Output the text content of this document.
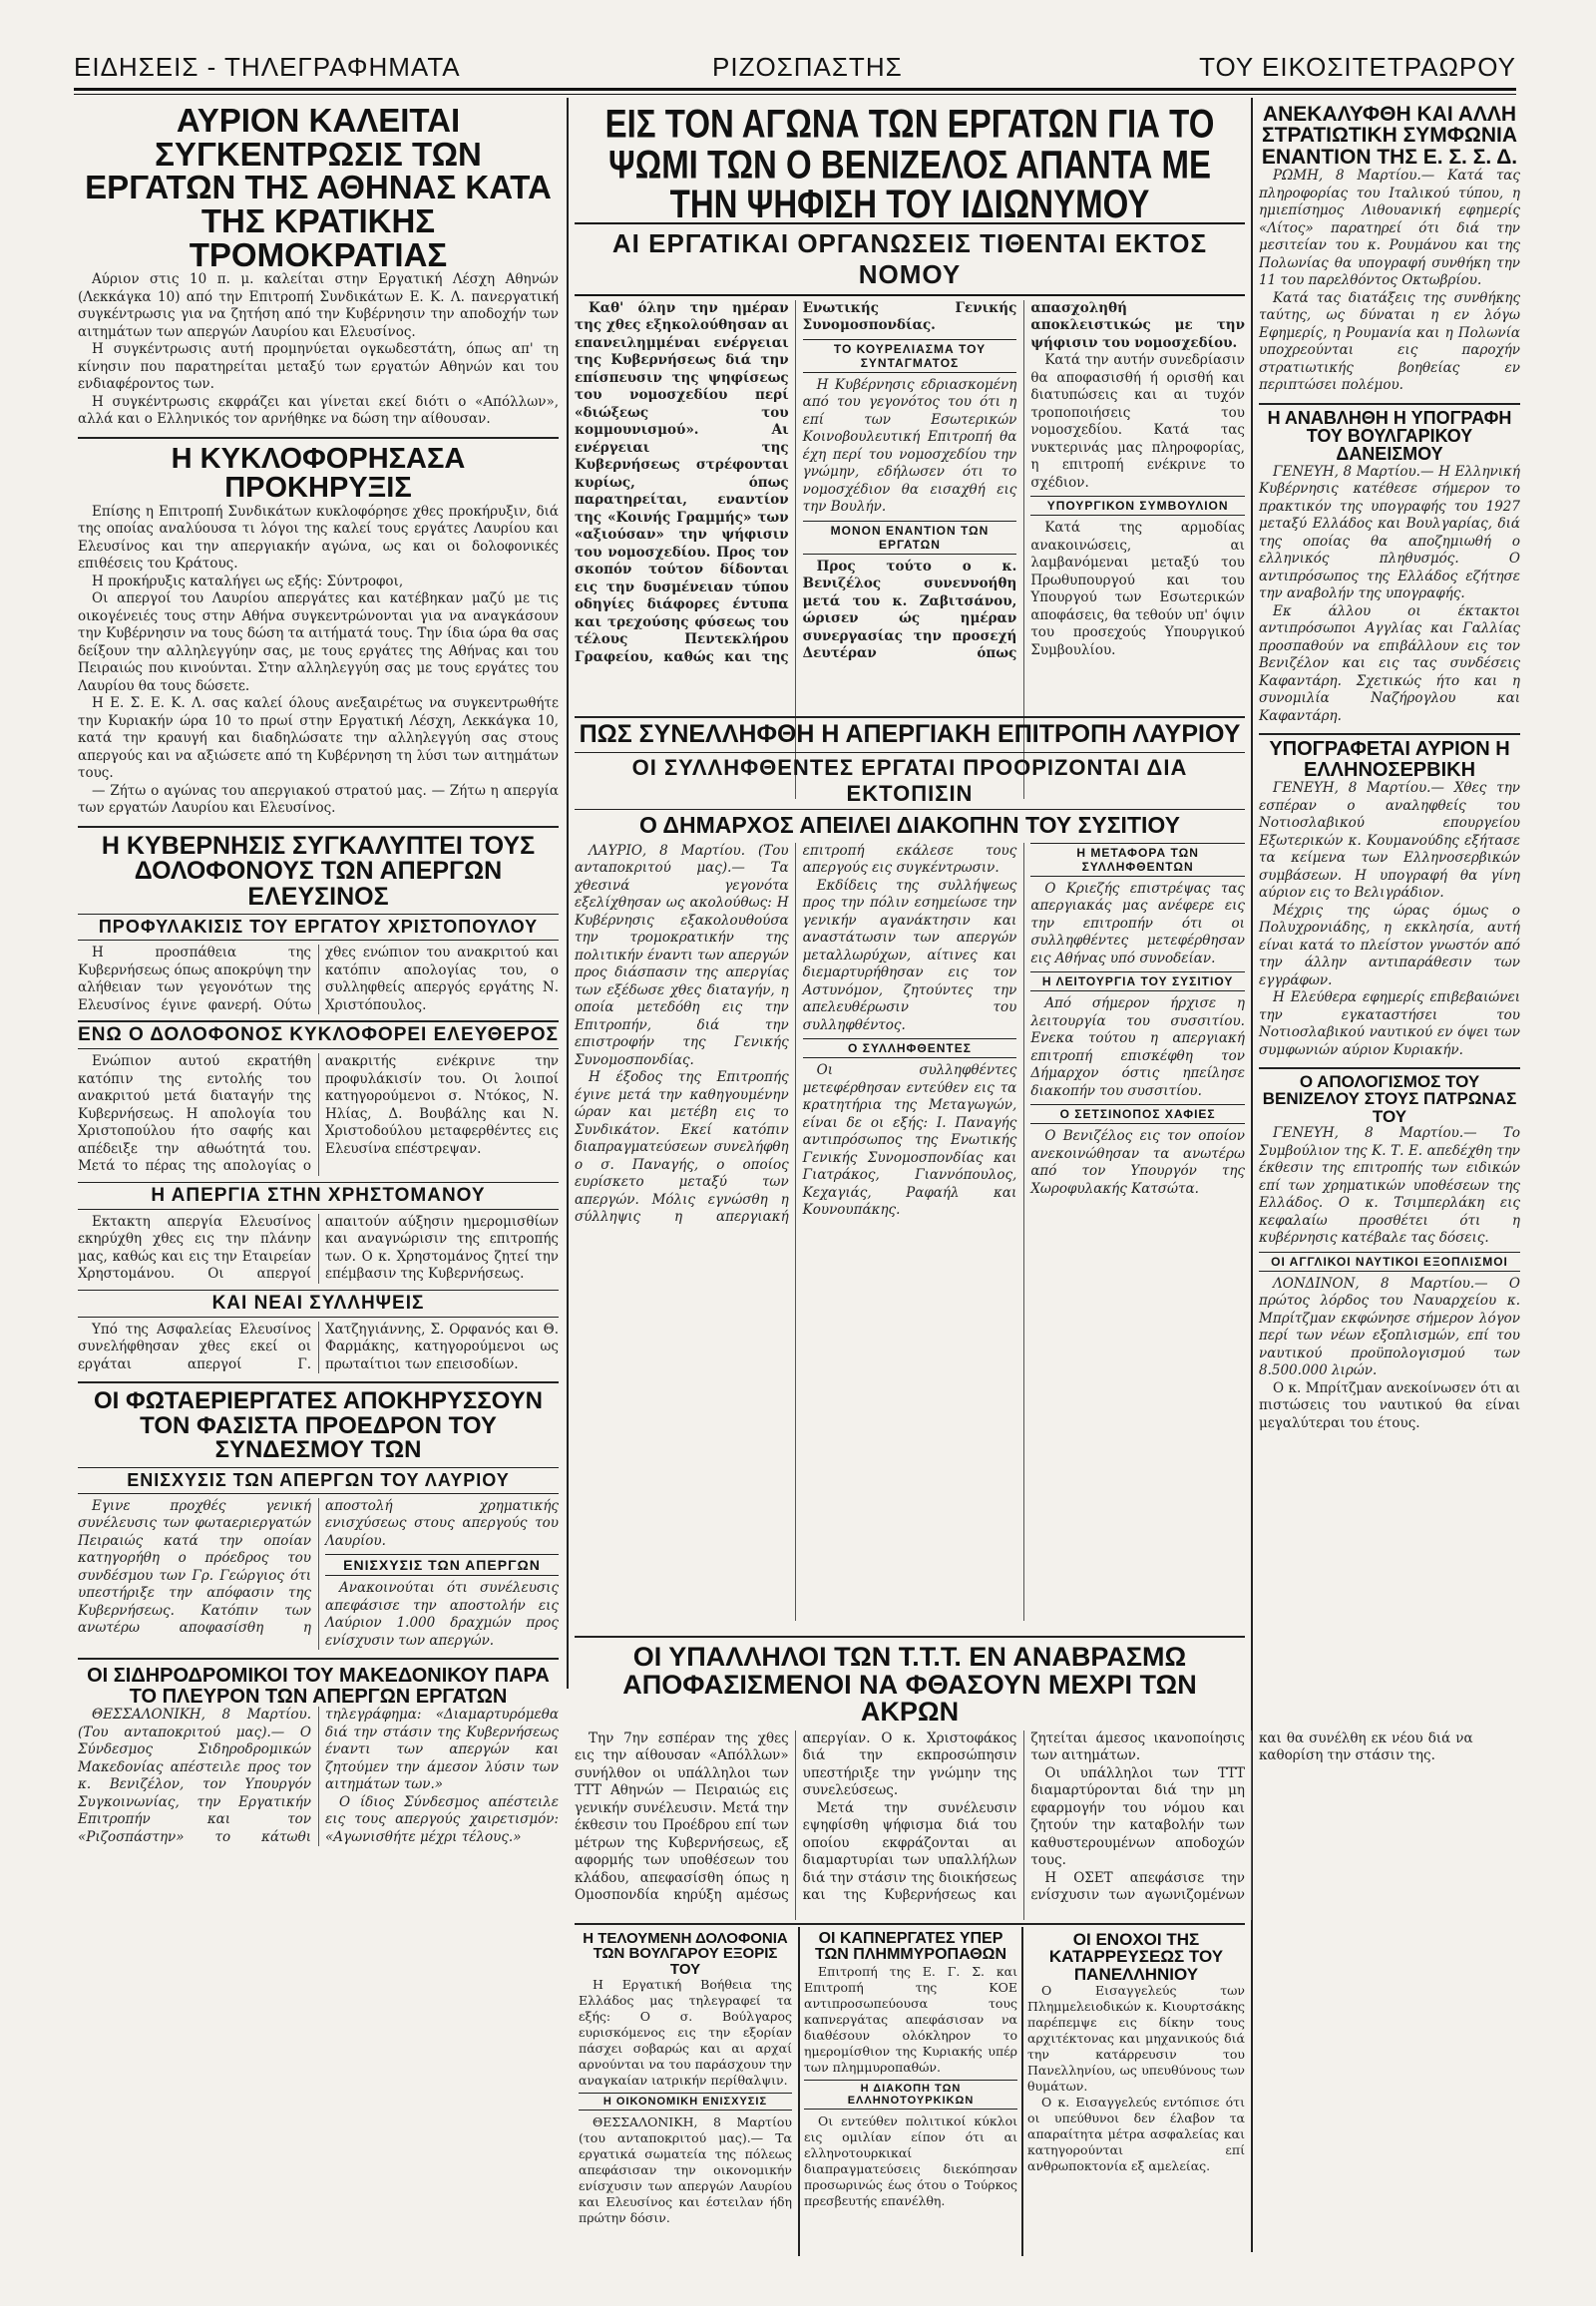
ΕΙΔΗΣΕΙΣ - ΤΗΛΕΓΡΑΦΗΜΑΤΑ	ΡΙΖΟΣΠΑΣΤΗΣ	ΤΟΥ ΕΙΚΟΣΙΤΕΤΡΑΩΡΟΥ
ΑΥΡΙΟΝ ΚΑΛΕΙΤΑΙ ΣΥΓΚΕΝΤΡΩΣΙΣ ΤΩΝ ΕΡΓΑΤΩΝ ΤΗΣ ΑΘΗΝΑΣ ΚΑΤΑ ΤΗΣ ΚΡΑΤΙΚΗΣ ΤΡΟΜΟΚΡΑΤΙΑΣ

Αύριον στις 10 π. μ. καλείται στην Εργατική Λέσχη Αθηνών (Λεκκάγκα 10) από την Επιτροπή Συνδικάτων Ε. Κ. Λ. πανεργατική συγκέντρωσις για να ζητήση από την Κυβέρνησιν την αποδοχήν των αιτημάτων των απεργών Λαυρίου και Ελευσίνος.

Η συγκέντρωσις αυτή προμηνύεται ογκωδεστάτη, όπως απ' τη κίνησιν που παρατηρείται μεταξύ των εργατών Αθηνών και του ενδιαφέροντος των.

Η συγκέντρωσις εκφράζει και γίνεται εκεί διότι ο «Απόλλων», αλλά και ο Ελληνικός τον αρνήθηκε να δώση την αίθουσαν.

Η ΚΥΚΛΟΦΟΡΗΣΑΣΑ ΠΡΟΚΗΡΥΞΙΣ

Επίσης η Επιτροπή Συνδικάτων κυκλοφόρησε χθες προκήρυξιν, διά της οποίας αναλύουσα τι λόγοι της καλεί τους εργάτες Λαυρίου και Ελευσίνος και την απεργιακήν αγώνα, ως και οι δολοφονικές επιθέσεις του Κράτους.

Η προκήρυξις καταλήγει ως εξής: Σύντροφοι,

Οι απεργοί του Λαυρίου απεργάτες και κατέβηκαν μαζύ με τις οικογένειές τους στην Αθήνα συγκεντρώνονται για να αναγκάσουν την Κυβέρνησιν να τους δώση τα αιτήματά τους. Την ίδια ώρα θα σας δείξουν την αλληλεγγύην σας, με τους εργάτες της Αθήνας και του Πειραιώς που κινούνται. Στην αλληλεγγύη σας με τους εργάτες του Λαυρίου θα τους δώσετε.

Η Ε. Σ. Ε. Κ. Λ. σας καλεί όλους ανεξαιρέτως να συγκεντρωθήτε την Κυριακήν ώρα 10 το πρωί στην Εργατική Λέσχη, Λεκκάγκα 10, κατά την κραυγή και διαδηλώσατε την αλληλεγγύη σας στους απεργούς και να αξιώσετε από τη Κυβέρνηση τη λύσι των αιτημάτων τους.

— Ζήτω ο αγώνας του απεργιακού στρατού μας. — Ζήτω η απεργία των εργατών Λαυρίου και Ελευσίνος.

Η ΚΥΒΕΡΝΗΣΙΣ ΣΥΓΚΑΛΥΠΤΕΙ ΤΟΥΣ ΔΟΛΟΦΟΝΟΥΣ ΤΩΝ ΑΠΕΡΓΩΝ ΕΛΕΥΣΙΝΟΣ
ΠΡΟΦΥΛΑΚΙΣΙΣ ΤΟΥ ΕΡΓΑΤΟΥ ΧΡΙΣΤΟΠΟΥΛΟΥ

Η προσπάθεια της Κυβερνήσεως όπως αποκρύψη την αλήθειαν των γεγονότων της Ελευσίνος έγινε φανερή. Ούτω χθες ενώπιον του ανακριτού και κατόπιν απολογίας του, ο συλληφθείς απεργός εργάτης Ν. Χριστόπουλος.

ΕΝΩ Ο ΔΟΛΟΦΟΝΟΣ ΚΥΚΛΟΦΟΡΕΙ ΕΛΕΥΘΕΡΟΣ

Ενώπιον αυτού εκρατήθη κατόπιν της εντολής του ανακριτού μετά διαταγήν της Κυβερνήσεως. Η απολογία του Χριστοπούλου ήτο σαφής και απέδειξε την αθωότητά του. Μετά το πέρας της απολογίας ο ανακριτής ενέκρινε την προφυλάκισίν του. Οι λοιποί κατηγορούμενοι σ. Ντόκος, Ν. Ηλίας, Δ. Βουβάλης και Ν. Χριστοδούλου μεταφερθέντες εις Ελευσίνα επέστρεψαν.

Η ΑΠΕΡΓΙΑ ΣΤΗΝ ΧΡΗΣΤΟΜΑΝΟΥ

Εκτακτη απεργία Ελευσίνος εκηρύχθη χθες εις την πλάνην μας, καθώς και εις την Εταιρείαν Χρηστομάνου. Οι απεργοί απαιτούν αύξησιν ημερομισθίων και αναγνώρισιν της επιτροπής των. Ο κ. Χρηστομάνος ζητεί την επέμβασιν της Κυβερνήσεως.

ΚΑΙ ΝΕΑΙ ΣΥΛΛΗΨΕΙΣ

Υπό της Ασφαλείας Ελευσίνος συνελήφθησαν χθες εκεί οι εργάται απεργοί Γ. Χατζηγιάννης, Σ. Ορφανός και Θ. Φαρμάκης, κατηγορούμενοι ως πρωταίτιοι των επεισοδίων.

ΟΙ ΦΩΤΑΕΡΙΕΡΓΑΤΕΣ ΑΠΟΚΗΡΥΣΣΟΥΝ ΤΟΝ ΦΑΣΙΣΤΑ ΠΡΟΕΔΡΟΝ ΤΟΥ ΣΥΝΔΕΣΜΟΥ ΤΩΝ
ΕΝΙΣΧΥΣΙΣ ΤΩΝ ΑΠΕΡΓΩΝ ΤΟΥ ΛΑΥΡΙΟΥ

Εγινε προχθές γενική συνέλευσις των φωταεριεργατών Πειραιώς κατά την οποίαν κατηγορήθη ο πρόεδρος του συνδέσμου των Γρ. Γεώργιος ότι υπεστήριξε την απόφασιν της Κυβερνήσεως. Κατόπιν των ανωτέρω αποφασίσθη η αποστολή χρηματικής ενισχύσεως στους απεργούς του Λαυρίου.

ΕΝΙΣΧΥΣΙΣ ΤΩΝ ΑΠΕΡΓΩΝ

Ανακοινούται ότι συνέλευσις απεφάσισε την αποστολήν εις Λαύριον 1.000 δραχμών προς ενίσχυσιν των απεργών.

ΟΙ ΣΙΔΗΡΟΔΡΟΜΙΚΟΙ ΤΟΥ ΜΑΚΕΔΟΝΙΚΟΥ ΠΑΡΑ ΤΟ ΠΛΕΥΡΟΝ ΤΩΝ ΑΠΕΡΓΩΝ ΕΡΓΑΤΩΝ

ΘΕΣΣΑΛΟΝΙΚΗ, 8 Μαρτίου. (Του ανταποκριτού μας).— Ο Σύνδεσμος Σιδηροδρομικών Μακεδονίας απέστειλε προς τον κ. Βενιζέλον, τον Υπουργόν Συγκοινωνίας, την Εργατικήν Επιτροπήν και τον «Ριζοσπάστην» το κάτωθι τηλεγράφημα: «Διαμαρτυρόμεθα διά την στάσιν της Κυβερνήσεως έναντι των απεργών και ζητούμεν την άμεσον λύσιν των αιτημάτων των.»

Ο ίδιος Σύνδεσμος απέστειλε εις τους απεργούς χαιρετισμόν: «Αγωνισθήτε μέχρι τέλους.»

ΕΙΣ ΤΟΝ ΑΓΩΝΑ ΤΩΝ ΕΡΓΑΤΩΝ ΓΙΑ ΤΟ ΨΩΜΙ ΤΩΝ Ο ΒΕΝΙΖΕΛΟΣ ΑΠΑΝΤΑ ΜΕ ΤΗΝ ΨΗΦΙΣΗ ΤΟΥ ΙΔΙΩΝΥΜΟΥ
ΑΙ ΕΡΓΑΤΙΚΑΙ ΟΡΓΑΝΩΣΕΙΣ ΤΙΘΕΝΤΑΙ ΕΚΤΟΣ ΝΟΜΟΥ

Καθ' όλην την ημέραν της χθες εξηκολούθησαν αι επανειλημμέναι ενέργειαι της Κυβερνήσεως διά την επίσπευσιν της ψηφίσεως του νομοσχεδίου περί «διώξεως του κομμουνισμού». Αι ενέργειαι της Κυβερνήσεως στρέφονται κυρίως, όπως παρατηρείται, εναντίον της «Κοινής Γραμμής» των «αξιούσαν» την ψήφισιν του νομοσχεδίου. Προς τον σκοπόν τούτον δίδονται εις την δυσμένειαν τύπου οδηγίες διάφορες έντυπα και τρεχούσης φύσεως του τέλους Πεντεκλήρου Γραφείου, καθώς και της Ενωτικής Γενικής Συνομοσπονδίας.

ΤΟ ΚΟΥΡΕΛΙΑΣΜΑ ΤΟΥ ΣΥΝΤΑΓΜΑΤΟΣ

Η Κυβέρνησις εδριασκομένη από του γεγονότος του ότι η επί των Εσωτερικών Κοινοβουλευτική Επιτροπή θα έχη περί του νομοσχεδίου την γνώμην, εδήλωσεν ότι το νομοσχέδιον θα εισαχθή εις την Βουλήν.

ΜΟΝΟΝ ΕΝΑΝΤΙΟΝ ΤΩΝ ΕΡΓΑΤΩΝ

Προς τούτο ο κ. Βενιζέλος συνεννοήθη μετά του κ. Ζαβιτσάνου, ώρισεν ώς ημέραν συνεργασίας την προσεχή Δευτέραν όπως απασχοληθή αποκλειστικώς με την ψήφισιν του νομοσχεδίου.

Κατά την αυτήν συνεδρίασιν θα αποφασισθή ή ορισθή και διατυπώσεις και αι τυχόν τροποποιήσεις του νομοσχεδίου. Κατά τας νυκτερινάς μας πληροφορίας, η επιτροπή ενέκρινε το σχέδιον.

ΥΠΟΥΡΓΙΚΟΝ ΣΥΜΒΟΥΛΙΟΝ

Κατά της αρμοδίας ανακοινώσεις, αι λαμβανόμεναι μεταξύ του Πρωθυπουργού και του Υπουργού των Εσωτερικών αποφάσεις, θα τεθούν υπ' όψιν του προσεχούς Υπουργικού Συμβουλίου.

ΠΩΣ ΣΥΝΕΛΛΗΦΘΗ Η ΑΠΕΡΓΙΑΚΗ ΕΠΙΤΡΟΠΗ ΛΑΥΡΙΟΥ
ΟΙ ΣΥΛΛΗΦΘΕΝΤΕΣ ΕΡΓΑΤΑΙ ΠΡΟΟΡΙΖΟΝΤΑΙ ΔΙΑ ΕΚΤΟΠΙΣΙΝ
Ο ΔΗΜΑΡΧΟΣ ΑΠΕΙΛΕΙ ΔΙΑΚΟΠΗΝ ΤΟΥ ΣΥΣΙΤΙΟΥ

ΛΑΥΡΙΟ, 8 Μαρτίου. (Του ανταποκριτού μας).— Τα χθεσινά γεγονότα εξελίχθησαν ως ακολούθως: Η Κυβέρνησις εξακολουθούσα την τρομοκρατικήν της πολιτικήν έναντι των απεργών προς διάσπασιν της απεργίας των εξέδωσε χθες διαταγήν, η οποία μετεδόθη εις την Επιτροπήν, διά την επιστροφήν της Γενικής Συνομοσπονδίας.

Η έξοδος της Επιτροπής έγινε μετά την καθηγουμένην ώραν και μετέβη εις το Συνδικάτον. Εκεί κατόπιν διαπραγματεύσεων συνελήφθη ο σ. Παναγής, ο οποίος ευρίσκετο μεταξύ των απεργών. Μόλις εγνώσθη η σύλληψις η απεργιακή επιτροπή εκάλεσε τους απεργούς εις συγκέντρωσιν.

Εκδίδεις της συλλήψεως προς την πόλιν εσημείωσε την γενικήν αγανάκτησιν και αναστάτωσιν των απεργών μεταλλωρύχων, αίτινες και διεμαρτυρήθησαν εις τον Αστυνόμον, ζητούντες την απελευθέρωσιν του συλληφθέντος.

Ο ΣΥΛΛΗΦΘΕΝΤΕΣ

Οι συλληφθέντες μετεφέρθησαν εντεύθεν εις τα κρατητήρια της Μεταγωγών, είναι δε οι εξής: Ι. Παναγής αντιπρόσωπος της Ενωτικής Γενικής Συνομοσπονδίας και Γιατράκος, Γιαννόπουλος, Κεχαγιάς, Ραφαήλ και Κουνουπάκης.

Η ΜΕΤΑΦΟΡΑ ΤΩΝ ΣΥΛΛΗΦΘΕΝΤΩΝ

Ο Κριεζής επιστρέψας τας απεργιακάς μας ανέφερε εις την επιτροπήν ότι οι συλληφθέντες μετεφέρθησαν εις Αθήνας υπό συνοδείαν.

Η ΛΕΙΤΟΥΡΓΙΑ ΤΟΥ ΣΥΣΙΤΙΟΥ

Από σήμερον ήρχισε η λειτουργία του συσσιτίου. Ενεκα τούτου η απεργιακή επιτροπή επισκέφθη τον Δήμαρχον όστις ηπείλησε διακοπήν του συσσιτίου.

Ο ΣΕΤΣΙΝΟΠΟΣ ΧΑΦΙΕΣ

Ο Βενιζέλος εις τον οποίον ανεκοινώθησαν τα ανωτέρω από τον Υπουργόν της Χωροφυλακής Κατσώτα.

ΑΝΕΚΑΛΥΦΘΗ ΚΑΙ ΑΛΛΗ ΣΤΡΑΤΙΩΤΙΚΗ ΣΥΜΦΩΝΙΑ ΕΝΑΝΤΙΟΝ ΤΗΣ Ε. Σ. Σ. Δ.

ΡΩΜΗ, 8 Μαρτίου.— Κατά τας πληροφορίας του Ιταλικού τύπου, η ημιεπίσημος Λιθουανική εφημερίς «Λίτος» παρατηρεί ότι διά την μεσιτείαν του κ. Ρουμάνου και της Πολωνίας θα υπογραφή συνθήκη την 11 του παρελθόντος Οκτωβρίου.

Κατά τας διατάξεις της συνθήκης ταύτης, ως δύναται η εν λόγω Εφημερίς, η Ρουμανία και η Πολωνία υποχρεούνται εις παροχήν στρατιωτικής βοηθείας εν περιπτώσει πολέμου.

Η ΑΝΑΒΛΗΘΗ Η ΥΠΟΓΡΑΦΗ ΤΟΥ ΒΟΥΛΓΑΡΙΚΟΥ ΔΑΝΕΙΣΜΟΥ

ΓΕΝΕΥΗ, 8 Μαρτίου.— Η Ελληνική Κυβέρνησις κατέθεσε σήμερον το πρακτικόν της υπογραφής του 1927 μεταξύ Ελλάδος και Βουλγαρίας, διά της οποίας θα αποζημιωθή ο ελληνικός πληθυσμός. Ο αντιπρόσωπος της Ελλάδος εζήτησε την αναβολήν της υπογραφής.

Εκ άλλου οι έκτακτοι αντιπρόσωποι Αγγλίας και Γαλλίας προσπαθούν να επιβάλλουν εις τον Βενιζέλον και εις τας συνδέσεις Καφαντάρη. Σχετικώς ήτο και η συνομιλία Ναζήρογλου και Καφαντάρη.

ΥΠΟΓΡΑΦΕΤΑΙ ΑΥΡΙΟΝ Η ΕΛΛΗΝΟΣΕΡΒΙΚΗ

ΓΕΝΕΥΗ, 8 Μαρτίου.— Χθες την εσπέραν ο αναληφθείς του Νοτιοσλαβικού επουργείου Εξωτερικών κ. Κουμανούδης εξήτασε τα κείμενα των Ελληνοσερβικών συμβάσεων. Η υπογραφή θα γίνη αύριον εις το Βελιγράδιον.

Μέχρις της ώρας όμως ο Πολυχρονιάδης, η εκκλησία, αυτή είναι κατά το πλείστον γνωστόν από την άλλην αντιπαράθεσιν των εγγράφων.

Η Ελεύθερα εφημερίς επιβεβαιώνει την εγκαταστήσει του Νοτιοσλαβικού ναυτικού εν όψει των συμφωνιών αύριον Κυριακήν.

Ο ΑΠΟΛΟΓΙΣΜΟΣ ΤΟΥ ΒΕΝΙΖΕΛΟΥ ΣΤΟΥΣ ΠΑΤΡΩΝΑΣ ΤΟΥ

ΓΕΝΕΥΗ, 8 Μαρτίου.— Το Συμβούλιον της Κ. Τ. Ε. απεδέχθη την έκθεσιν της επιτροπής των ειδικών επί των χρηματικών υποθέσεων της Ελλάδος. Ο κ. Τσιμπερλάκη εις κεφαλαίω προσθέτει ότι η κυβέρνησις κατέβαλε τας δόσεις.

ΟΙ ΑΓΓΛΙΚΟΙ ΝΑΥΤΙΚΟΙ ΕΞΟΠΛΙΣΜΟΙ

ΛΟΝΔΙΝΟΝ, 8 Μαρτίου.— Ο πρώτος λόρδος του Ναυαρχείου κ. Μπρίτζμαν εκφώνησε σήμερον λόγον περί των νέων εξοπλισμών, επί του ναυτικού προϋπολογισμού των 8.500.000 λιρών.

Ο κ. Μπρίτζμαν ανεκοίνωσεν ότι αι πιστώσεις του ναυτικού θα είναι μεγαλύτεραι του έτους.

ΟΙ ΥΠΑΛΛΗΛΟΙ ΤΩΝ Τ.Τ.Τ. ΕΝ ΑΝΑΒΡΑΣΜΩ ΑΠΟΦΑΣΙΣΜΕΝΟΙ ΝΑ ΦΘΑΣΟΥΝ ΜΕΧΡΙ ΤΩΝ ΑΚΡΩΝ

Την 7ην εσπέραν της χθες εις την αίθουσαν «Απόλλων» συνήλθον οι υπάλληλοι των ΤΤΤ Αθηνών — Πειραιώς εις γενικήν συνέλευσιν. Μετά την έκθεσιν του Προέδρου επί των μέτρων της Κυβερνήσεως, εξ αφορμής των υποθέσεων του κλάδου, απεφασίσθη όπως η Ομοσπονδία κηρύξη αμέσως απεργίαν. Ο κ. Χριστοφάκος διά την εκπροσώπησιν υπεστήριξε την γνώμην της συνελεύσεως.

Μετά την συνέλευσιν εψηφίσθη ψήφισμα διά του οποίου εκφράζονται αι διαμαρτυρίαι των υπαλλήλων διά την στάσιν της διοικήσεως και της Κυβερνήσεως και ζητείται άμεσος ικανοποίησις των αιτημάτων.

Οι υπάλληλοι των ΤΤΤ διαμαρτύρονται διά την μη εφαρμογήν του νόμου και ζητούν την καταβολήν των καθυστερουμένων αποδοχών τους.

Η ΟΣΕΤ απεφάσισε την ενίσχυσιν των αγωνιζομένων και θα συνέλθη εκ νέου διά να καθορίση την στάσιν της.

Η ΤΕΛΟΥΜΕΝΗ ΔΟΛΟΦΟΝΙΑ ΤΩΝ ΒΟΥΛΓΑΡΟΥ ΕΞΟΡΙΣ ΤΟΥ

Η Εργατική Βοήθεια της Ελλάδος μας τηλεγραφεί τα εξής: Ο σ. Βούλγαρος ευρισκόμενος εις την εξορίαν πάσχει σοβαρώς και αι αρχαί αρνούνται να του παράσχουν την αναγκαίαν ιατρικήν περίθαλψιν.

Η ΟΙΚΟΝΟΜΙΚΗ ΕΝΙΣΧΥΣΙΣ

ΘΕΣΣΑΛΟΝΙΚΗ, 8 Μαρτίου (του ανταποκριτού μας).— Τα εργατικά σωματεία της πόλεως απεφάσισαν την οικονομικήν ενίσχυσιν των απεργών Λαυρίου και Ελευσίνος και έστειλαν ήδη πρώτην δόσιν.

ΟΙ ΚΑΠΝΕΡΓΑΤΕΣ ΥΠΕΡ ΤΩΝ ΠΛΗΜΜΥΡΟΠΑΘΩΝ

Επιτροπή της Ε. Γ. Σ. και Επιτροπή της ΚΟΕ αντιπροσωπεύουσα τους καπνεργάτας απεφάσισαν να διαθέσουν ολόκληρον το ημερομίσθιον της Κυριακής υπέρ των πλημμυροπαθών.

Η ΔΙΑΚΟΠΗ ΤΩΝ ΕΛΛΗΝΟΤΟΥΡΚΙΚΩΝ

Οι εντεύθεν πολιτικοί κύκλοι εις ομιλίαν είπον ότι αι ελληνοτουρκικαί διαπραγματεύσεις διεκόπησαν προσωρινώς έως ότου ο Τούρκος πρεσβευτής επανέλθη.

ΟΙ ΕΝΟΧΟΙ ΤΗΣ ΚΑΤΑΡΡΕΥΣΕΩΣ ΤΟΥ ΠΑΝΕΛΛΗΝΙΟΥ

Ο Εισαγγελεύς των Πλημμελειοδικών κ. Κιουρτσάκης παρέπεμψε εις δίκην τους αρχιτέκτονας και μηχανικούς διά την κατάρρευσιν του Πανελληνίου, ως υπευθύνους των θυμάτων.

Ο κ. Εισαγγελεύς εντόπισε ότι οι υπεύθυνοι δεν έλαβον τα απαραίτητα μέτρα ασφαλείας και κατηγορούνται επί ανθρωποκτονία εξ αμελείας.
